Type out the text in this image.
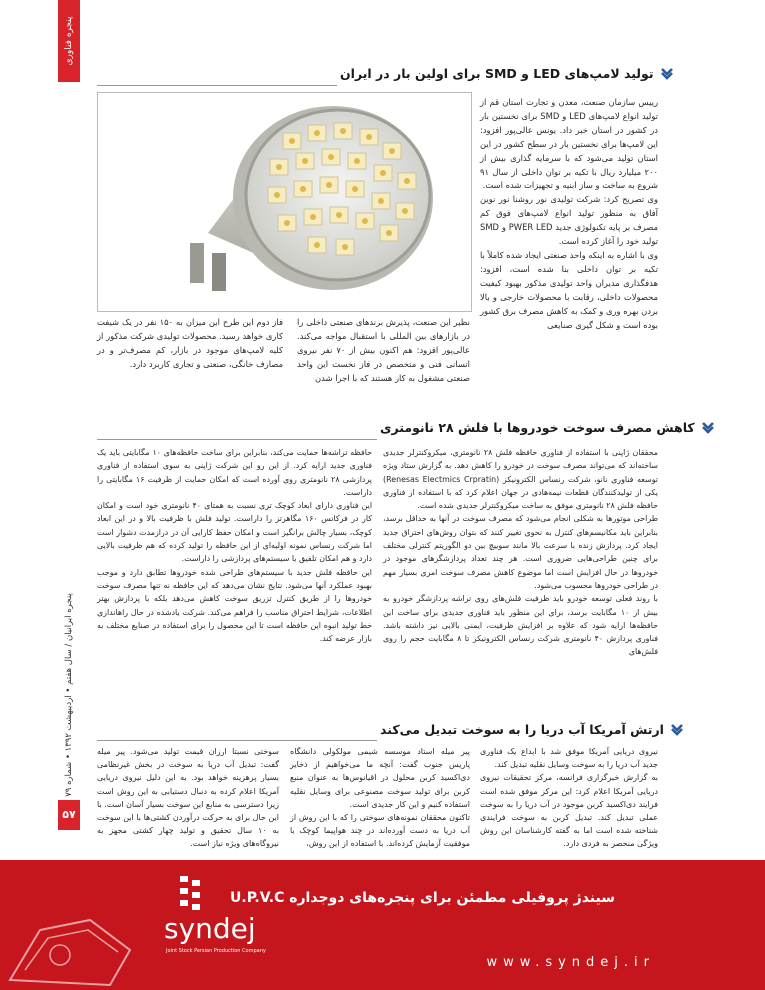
پنجره فناوری
پنجره ایرانیان / سال هفتم • اردیبهشت ۱۳۹۲ • شماره ۷۹
۵۷
تولید لامپ‌های LED و SMD برای اولین بار در ایران
رییس سازمان صنعت، معدن و تجارت استان قم از تولید انواع لامپ‌های LED و SMD برای نخستین بار در کشور در استان خبر داد. یونس عالی‌پور افزود: این لامپ‌ها برای نخستین بار در سطح کشور در این استان تولید می‌شود که با سرمایه گذاری بیش از ۲۰۰ میلیارد ریال با تکیه بر توان داخلی از سال ۹۱ شروع به ساخت و ساز ابنیه و تجهیزات شده است.
وی تصریح کرد: شرکت تولیدی نور روشنا نور نوین آفاق به منظور تولید انواع لامپ‌های فوق کم مصرف بر پایه تکنولوژی جدید PWER LED و SMD تولید خود را آغاز کرده است.
وی با اشاره به اینکه واحد صنعتی ایجاد شده کاملاً با تکیه بر توان داخلی بنا شده است، افزود: هدفگذاری مدیران واحد تولیدی مذکور بهبود کیفیت محصولات داخلی، رقابت با محصولات خارجی و بالا بردن بهره وری و کمک به کاهش مصرف برق کشور بوده است و شکل گیری صنایعی
نظیر این صنعت، پذیرش برندهای صنعتی داخلی را در بازارهای بین المللی با استقبال مواجه می‌کند. عالی‌پور افزود: هم اکنون بیش از ۷۰ نفر نیروی انسانی فنی و متخصص در فاز نخست این واحد صنعتی مشغول به کار هستند که با اجرا شدن
فاز دوم این طرح این میزان به ۱۵۰ نفر در یک شیفت کاری خواهد رسید. محصولات تولیدی شرکت مذکور از کلیه لامپ‌های موجود در بازار، کم مصرف‌تر و در مصارف خانگی، صنعتی و تجاری کاربرد دارد.
کاهش مصرف سوخت خودروها با فلش ۲۸ نانومتری
محققان ژاپنی با استفاده از فناوری حافظه فلش ۲۸ نانومتری، میکروکنترلر جدیدی ساخته‌اند که می‌تواند مصرف سوخت در خودرو را کاهش دهد. به گزارش ستاد ویژه توسعه فناوری نانو، شرکت رنساس الکترونیکز (Renesas Electmics Crpratin) یکی از تولیدکنندگان قطعات نیمه‌هادی در جهان اعلام کرد که با استفاده از فناوری حافظه فلش ۲۸ نانومتری موفق به ساخت میکروکنترلر جدیدی شده است.
طراحی موتورها به شکلی انجام می‌شود که مصرف سوخت در آنها به حداقل برسد، بنابراین باید مکانیسم‌های کنترل به نحوی تغییر کنند که بتوان روش‌های احتراق جدید ایجاد کرد. پردازش زنده با سرعت بالا مانند سوییچ بین دو الگوریتم کنترلی مختلف برای چنین طراحی‌هایی ضروری است. هر چند تعداد پردازشگرهای موجود در خودروها در حال افزایش است اما موضوع کاهش مصرف سوخت امری بسیار مهم در طراحی خودروها محسوب می‌شود.
با روند فعلی توسعه خودرو باید ظرفیت فلش‌های روی تراشه پردازشگر خودرو به بیش از ۱۰ مگابایت برسد، برای این منظور باید فناوری جدیدی برای ساخت این حافظه‌ها ارایه شود که علاوه بر افزایش ظرفیت، ایمنی بالایی نیز داشته باشد. فناوری پردازش ۴۰ نانومتری شرکت رنساس الکترونیکز تا ۸ مگابایت حجم را روی فلش‌های
حافظه تراشه‌ها حمایت می‌کند، بنابراین برای ساخت حافظه‌های ۱۰ مگابایتی باید یک فناوری جدید ارایه کرد. از این رو این شرکت ژاپنی به سوی استفاده از فناوری پردازشی ۲۸ نانومتری روی آورده است که امکان حمایت از ظرفیت ۱۶ مگابایتی را داراست.
این فناوری دارای ابعاد کوچک تری نسبت به همتای ۴۰ نانومتری خود است و امکان کار در فرکانس ۱۶۰ مگاهرتز را داراست. تولید فلش با ظرفیت بالا و در این ابعاد کوچک، بسیار چالش برانگیز است و امکان حفظ کارایی آن در درازمدت دشوار است اما شرکت رنساس نمونه اولیه‌ای از این حافظه را تولید کرده که هم ظرفیت بالایی دارد و هم امکان تلفیق با سیستم‌های پردازشی را داراست.
این حافظه فلش جدید با سیستم‌های طراحی شده خودروها تطابق دارد و موجب بهبود عملکرد آنها می‌شود. نتایج نشان می‌دهد که این حافظه نه تنها مصرف سوخت خودروها را از طریق کنترل تزریق سوخت کاهش می‌دهد بلکه با پردازش بهتر اطلاعات، شرایط احتراق مناسب را فراهم می‌کند. شرکت یادشده در حال راهاندازی خط تولید انبوه این حافظه است تا این محصول را برای استفاده در صنایع مختلف به بازار عرضه کند.
ارتش آمریکا آب دریا را به سوخت تبدیل می‌کند
نیروی دریایی آمریکا موفق شد با ابداع یک فناوری جدید آب دریا را به سوخت وسایل نقلیه تبدیل کند.
به گزارش خبرگزاری فرانسه، مرکز تحقیقات نیروی دریایی آمریکا اعلام کرد: این مرکز موفق شده است فرایند دی‌اکسید کربن موجود در آب دریا را به سوخت عملی تبدیل کند. تبدیل کربن به سوخت فرایندی شناخته شده است اما به گفته کارشناسان این روش ویژگی منحصر به فردی دارد.
پیر میله استاد موسسه شیمی مولکولی دانشگاه پاریس جنوب گفت: آنچه ما می‌خواهیم از ذخایر دی‌اکسید کربن محلول در اقیانوس‌ها به عنوان منبع کربن برای تولید سوخت مصنوعی برای وسایل نقلیه استفاده کنیم و این کار جدیدی است.
تاکنون محققان نمونه‌های سوختی را که با این روش از آب دریا به دست آورده‌اند در چند هواپیما کوچک با موفقیت آزمایش کرده‌اند. با استفاده از این روش،
سوختی نسبتا ارزان قیمت تولید می‌شود. پیر میله گفت: تبدیل آب دریا به سوخت در بخش غیرنظامی بسیار پرهزینه خواهد بود. به این دلیل نیروی دریایی آمریکا اعلام کرده به دنبال دستیابی به این روش است زیرا دسترسی به منابع این سوخت بسیار آسان است. با این حال برای به حرکت درآوردن کشتی‌ها با این سوخت به ۱۰ سال تحقیق و تولید چهار کشتی مجهز به نیروگاه‌های ویژه نیاز است.
سیندژ پروفیلی مطمئن برای پنجره‌های دوجداره U.P.V.C
www.syndej.ir
syndej
Joint Stock Persian Production Company
